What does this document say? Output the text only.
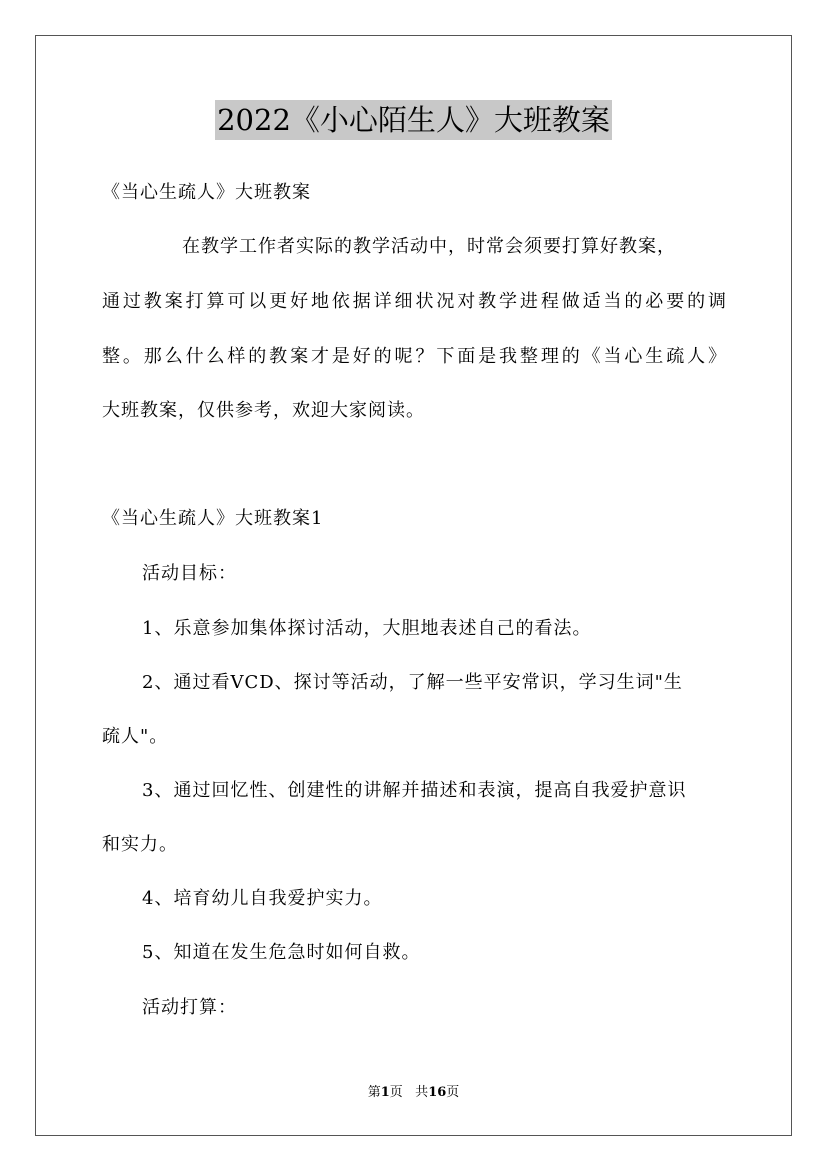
2022《小心陌生人》大班教案
《当心生疏人》大班教案
在教学工作者实际的教学活动中，时常会须要打算好教案，
通过教案打算可以更好地依据详细状况对教学进程做适当的必要的调
整。那么什么样的教案才是好的呢？下面是我整理的《当心生疏人》
大班教案，仅供参考，欢迎大家阅读。
《当心生疏人》大班教案1
活动目标：
1、乐意参加集体探讨活动，大胆地表述自己的看法。
2、通过看VCD、探讨等活动，了解一些平安常识，学习生词"生
疏人"。
3、通过回忆性、创建性的讲解并描述和表演，提高自我爱护意识
和实力。
4、培育幼儿自我爱护实力。
5、知道在发生危急时如何自救。
活动打算：
第1页 共16页
